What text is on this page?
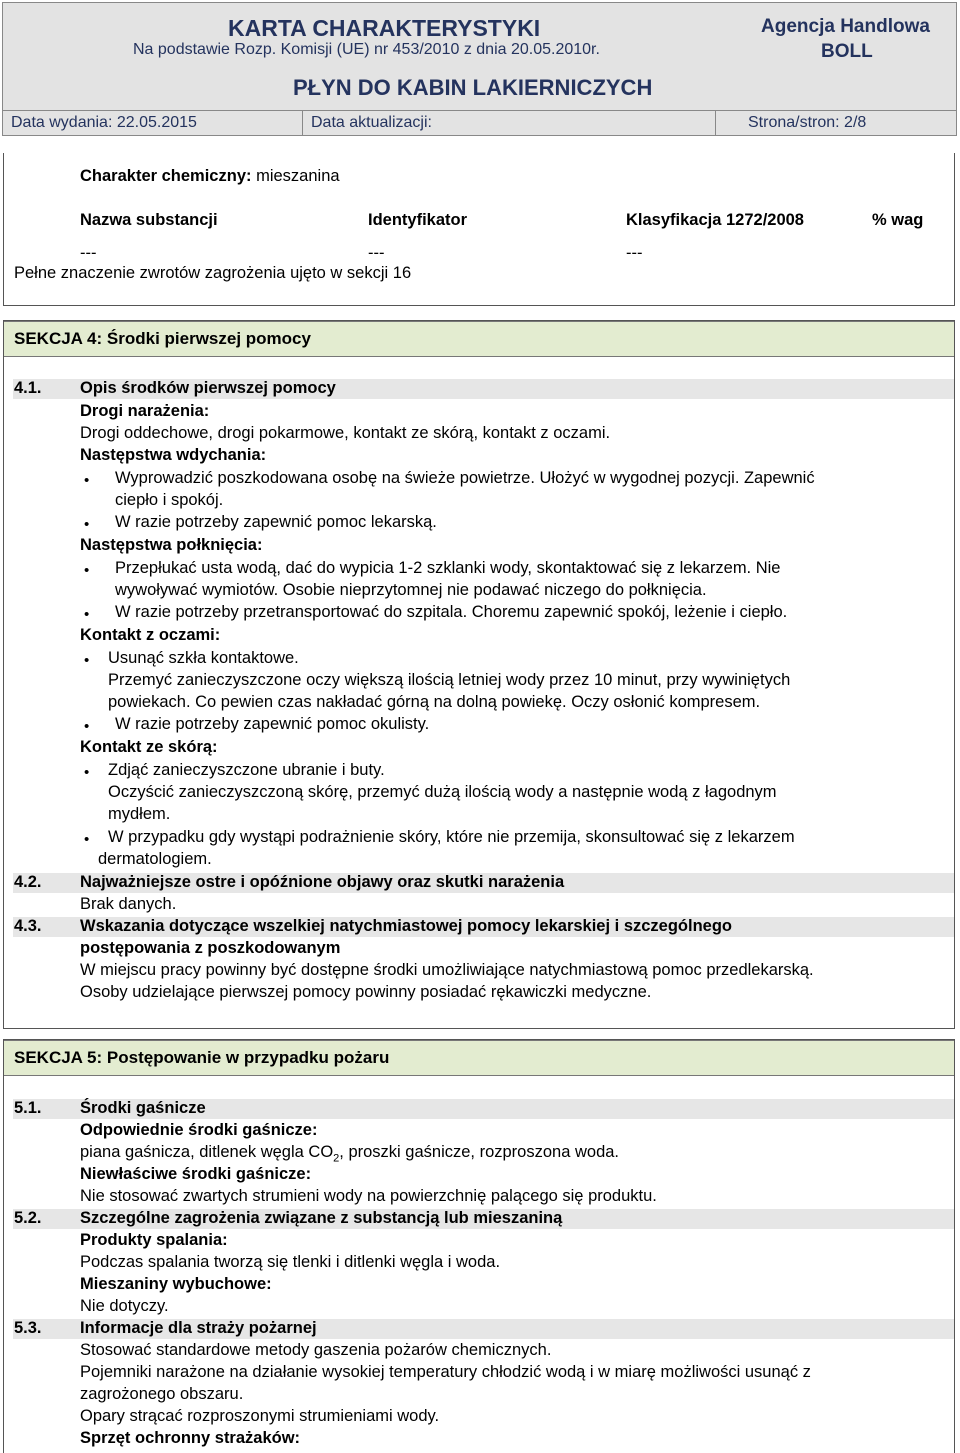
KARTA CHARAKTERYSTYKI
Na podstawie Rozp. Komisji (UE) nr 453/2010 z dnia 20.05.2010r.
Agencja Handlowa
BOLL
PŁYN DO KABIN LAKIERNICZYCH
Data wydania: 22.05.2015	Data aktualizacji:	Strona/stron: 2/8
Charakter chemiczny: mieszanina
Nazwa substancji	Identyfikator	Klasyfikacja 1272/2008	% wag
---	---	---
Pełne znaczenie zwrotów zagrożenia ujęto w sekcji 16
SEKCJA 4: Środki pierwszej pomocy
4.1. Opis środków pierwszej pomocy
Drogi narażenia:
Drogi oddechowe, drogi pokarmowe, kontakt ze skórą, kontakt z oczami.
Następstwa wdychania:
• Wyprowadzić poszkodowana osobę na świeże powietrze. Ułożyć w wygodnej pozycji. Zapewnić
ciepło i spokój.
• W razie potrzeby zapewnić pomoc lekarską.
Następstwa połknięcia:
• Przepłukać usta wodą, dać do wypicia 1-2 szklanki wody, skontaktować się z lekarzem. Nie
wywoływać wymiotów. Osobie nieprzytomnej nie podawać niczego do połknięcia.
• W razie potrzeby przetransportować do szpitala. Choremu zapewnić spokój, leżenie i ciepło.
Kontakt z oczami:
• Usunąć szkła kontaktowe.
Przemyć zanieczyszczone oczy większą ilością letniej wody przez 10 minut, przy wywiniętych
powiekach. Co pewien czas nakładać górną na dolną powiekę. Oczy osłonić kompresem.
• W razie potrzeby zapewnić pomoc okulisty.
Kontakt ze skórą:
• Zdjąć zanieczyszczone ubranie i buty.
Oczyścić zanieczyszczoną skórę, przemyć dużą ilością wody a następnie wodą z łagodnym
mydłem.
• W przypadku gdy wystąpi podrażnienie skóry, które nie przemija, skonsultować się z lekarzem
dermatologiem.
4.2. Najważniejsze ostre i opóźnione objawy oraz skutki narażenia
Brak danych.
4.3. Wskazania dotyczące wszelkiej natychmiastowej pomocy lekarskiej i szczególnego
postępowania z poszkodowanym
W miejscu pracy powinny być dostępne środki umożliwiające natychmiastową pomoc przedlekarską.
Osoby udzielające pierwszej pomocy powinny posiadać rękawiczki medyczne.
SEKCJA 5: Postępowanie w przypadku pożaru
5.1. Środki gaśnicze
Odpowiednie środki gaśnicze:
piana gaśnicza, ditlenek węgla $CO_2$, proszki gaśnicze, rozproszona woda.
Niewłaściwe środki gaśnicze:
Nie stosować zwartych strumieni wody na powierzchnię palącego się produktu.
5.2. Szczególne zagrożenia związane z substancją lub mieszaniną
Produkty spalania:
Podczas spalania tworzą się tlenki i ditlenki węgla i woda.
Mieszaniny wybuchowe:
Nie dotyczy.
5.3. Informacje dla straży pożarnej
Stosować standardowe metody gaszenia pożarów chemicznych.
Pojemniki narażone na działanie wysokiej temperatury chłodzić wodą i w miarę możliwości usunąć z
zagrożonego obszaru.
Opary strącać rozproszonymi strumieniami wody.
Sprzęt ochronny strażaków:
